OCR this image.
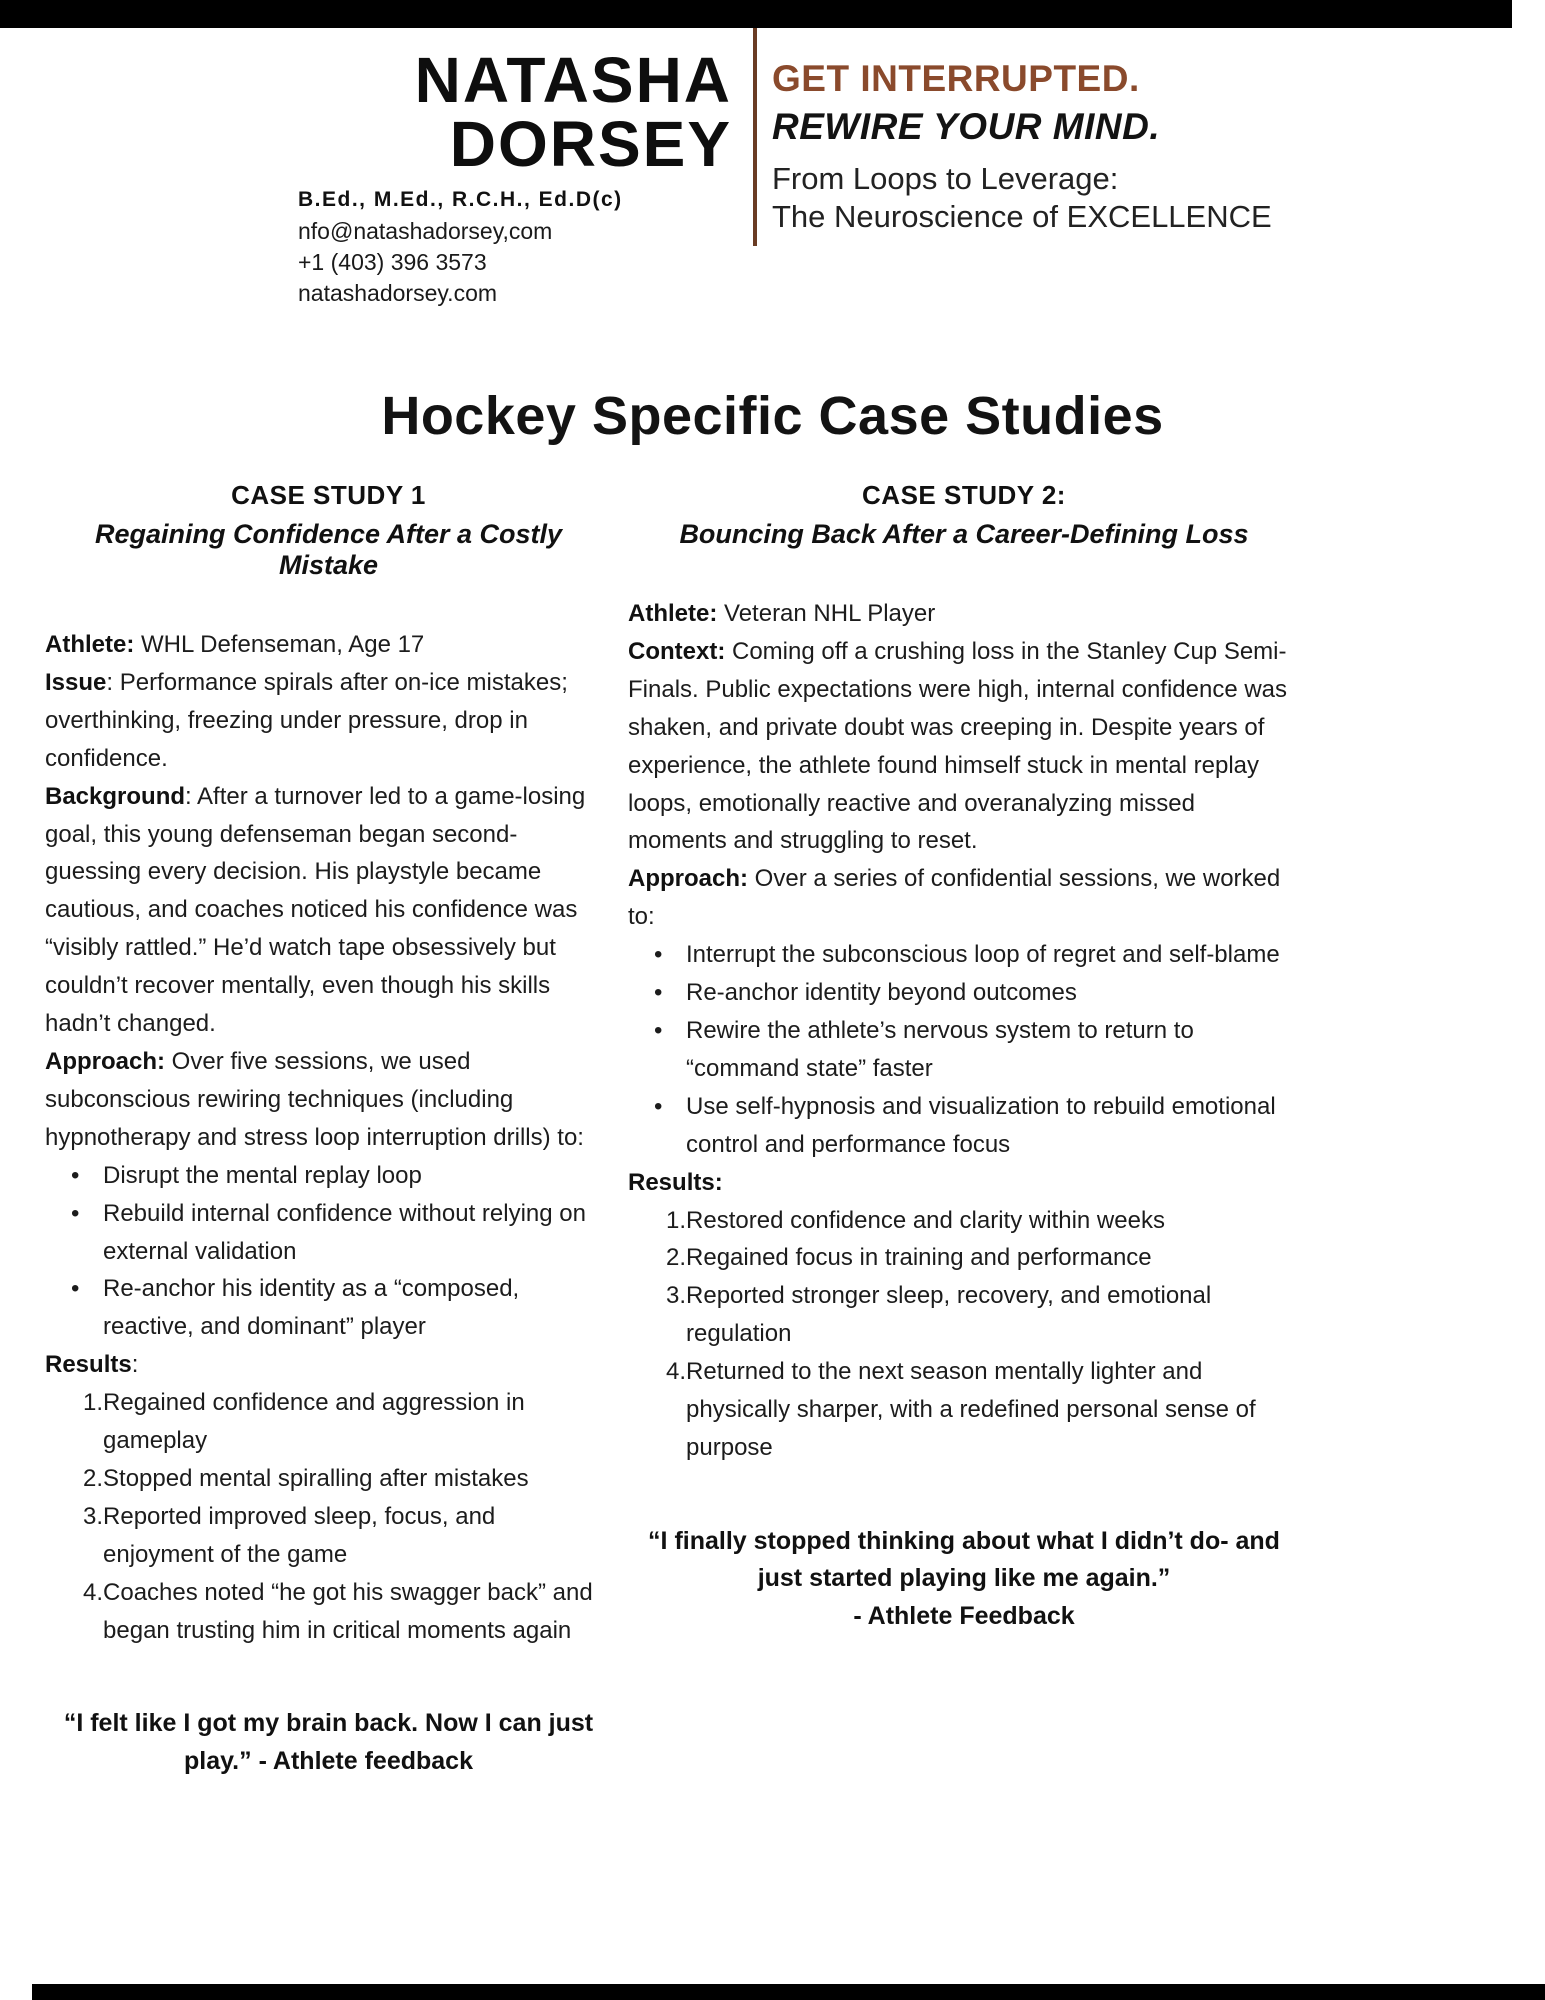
NATASHA
DORSEY
B.Ed., M.Ed., R.C.H., Ed.D(c)
nfo@natashadorsey,com
+1 (403) 396 3573
natashadorsey.com
GET INTERRUPTED.
REWIRE YOUR MIND.
From Loops to Leverage:
The Neuroscience of EXCELLENCE
Hockey Specific Case Studies
CASE STUDY 1
Regaining Confidence After a Costly Mistake

Athlete: WHL Defenseman, Age 17

Issue: Performance spirals after on-ice mistakes; overthinking, freezing under pressure, drop in confidence.

Background: After a turnover led to a game-losing goal, this young defenseman began second-guessing every decision. His playstyle became cautious, and coaches noticed his confidence was “visibly rattled.” He’d watch tape obsessively but couldn’t recover mentally, even though his skills hadn’t changed.

Approach: Over five sessions, we used subconscious rewiring techniques (including hypnotherapy and stress loop interruption drills) to:

• Disrupt the mental replay loop
• Rebuild internal confidence without relying on external validation
• Re-anchor his identity as a “composed, reactive, and dominant” player

Results:

Regained confidence and aggression in gameplay
Stopped mental spiralling after mistakes
Reported improved sleep, focus, and enjoyment of the game
Coaches noted “he got his swagger back” and began trusting him in critical moments again
“I felt like I got my brain back. Now I can just play.” - Athlete feedback
CASE STUDY 2:
Bouncing Back After a Career-Defining Loss

Athlete: Veteran NHL Player

Context: Coming off a crushing loss in the Stanley Cup Semi-Finals. Public expectations were high, internal confidence was shaken, and private doubt was creeping in. Despite years of experience, the athlete found himself stuck in mental replay loops, emotionally reactive and overanalyzing missed moments and struggling to reset.

Approach: Over a series of confidential sessions, we worked to:

• Interrupt the subconscious loop of regret and self-blame
• Re-anchor identity beyond outcomes
• Rewire the athlete’s nervous system to return to “command state” faster
• Use self-hypnosis and visualization to rebuild emotional control and performance focus

Results:

Restored confidence and clarity within weeks
Regained focus in training and performance
Reported stronger sleep, recovery, and emotional regulation
Returned to the next season mentally lighter and physically sharper, with a redefined personal sense of purpose
“I finally stopped thinking about what I didn’t do- and just started playing like me again.”
- Athlete Feedback
